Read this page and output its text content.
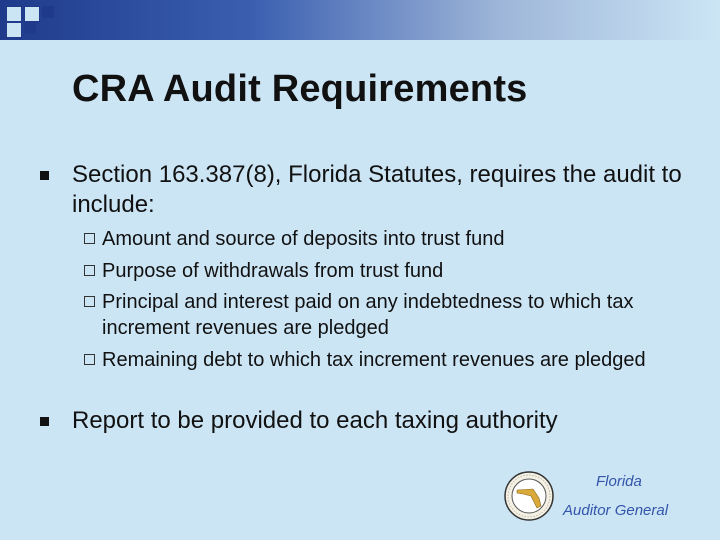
CRA Audit Requirements
Section 163.387(8), Florida Statutes, requires the audit to include:
Amount and source of deposits into trust fund
Purpose of withdrawals from trust fund
Principal and interest paid on any indebtedness to which tax increment revenues are pledged
Remaining debt to which tax increment revenues are pledged
Report to be provided to each taxing authority
Florida
Auditor General
